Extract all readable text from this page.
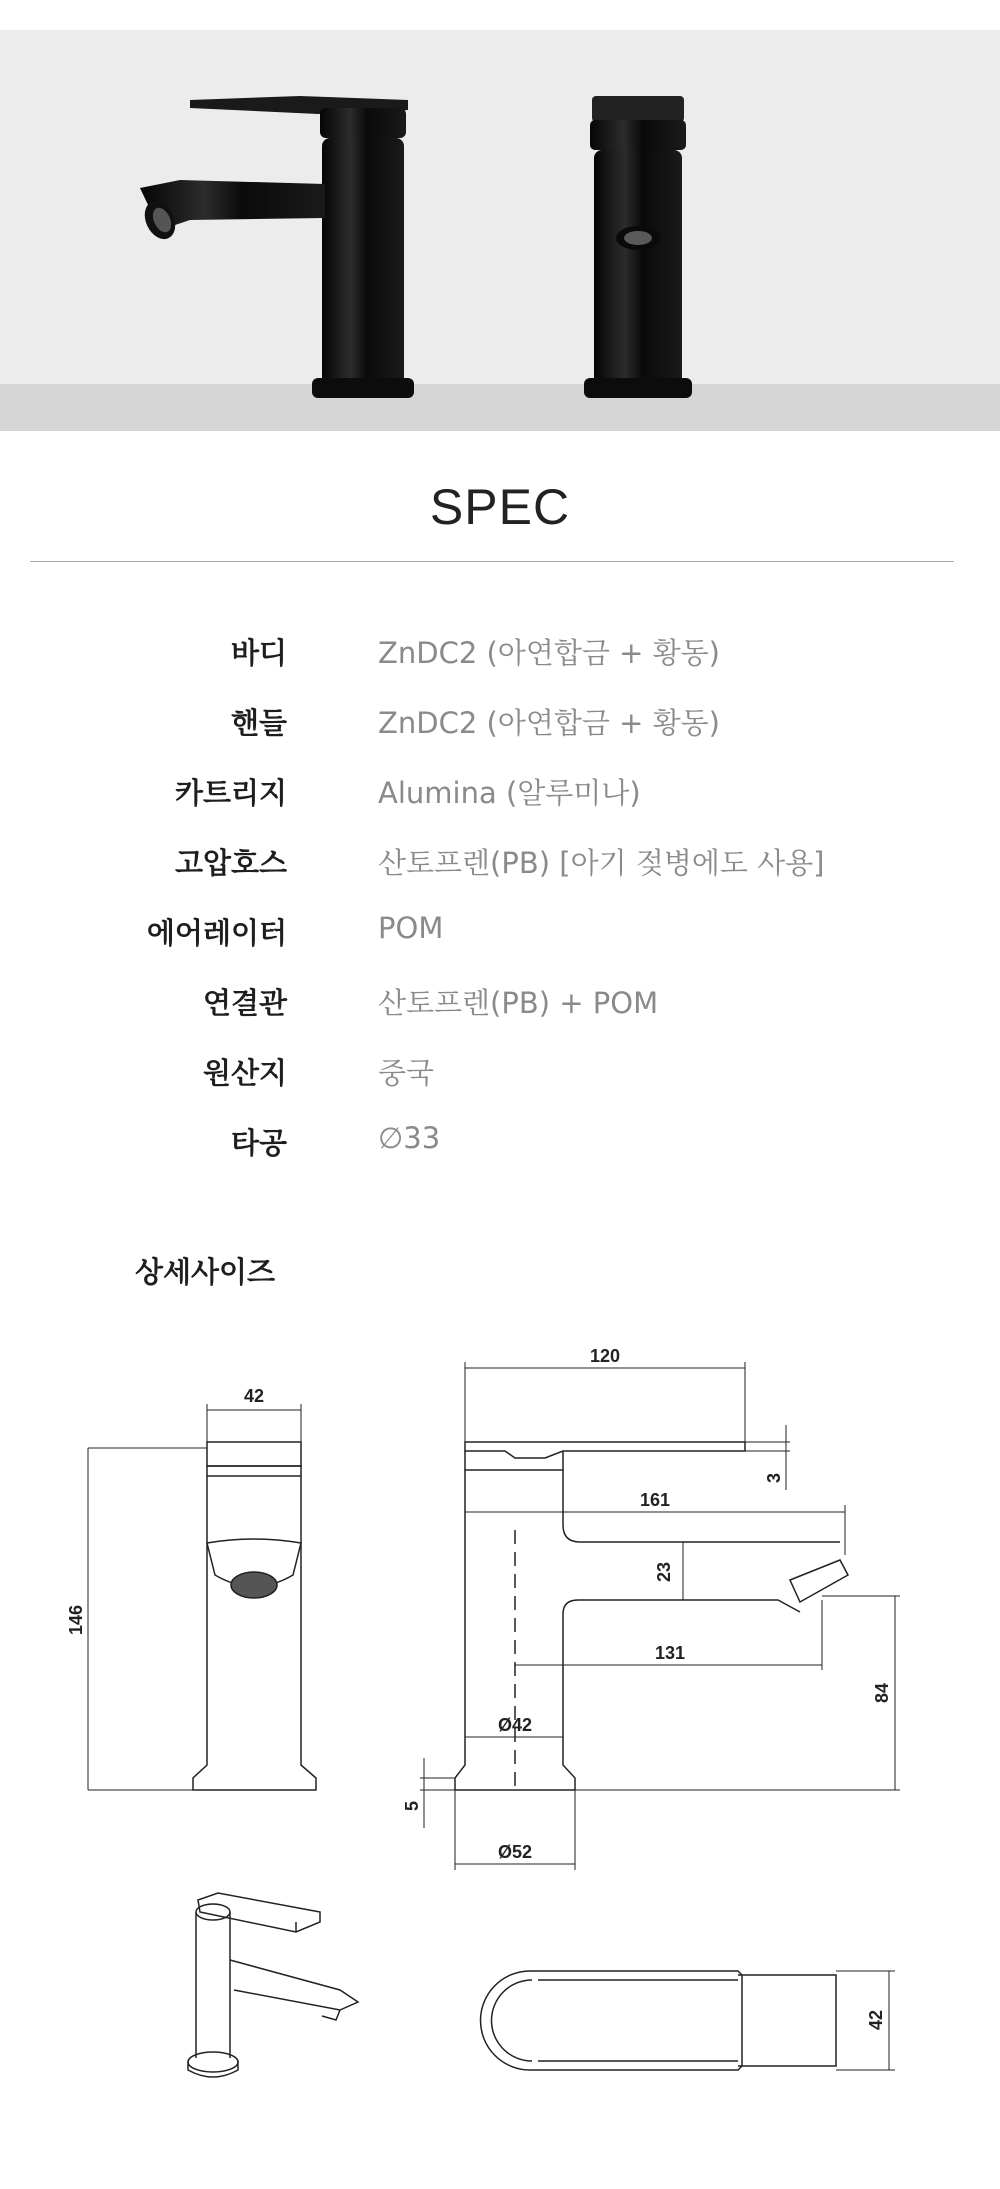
SPEC
바디	ZnDC2 (아연합금 + 황동)
핸들	ZnDC2 (아연합금 + 황동)
카트리지	Alumina (알루미나)
고압호스	산토프렌(PB) [아기 젖병에도 사용]
에어레이터	POM
연결관	산토프렌(PB) + POM
원산지	중국
타공	∅33
상세사이즈
42
146
120
3
161
23
131
84
Ø42
5
Ø52
42
